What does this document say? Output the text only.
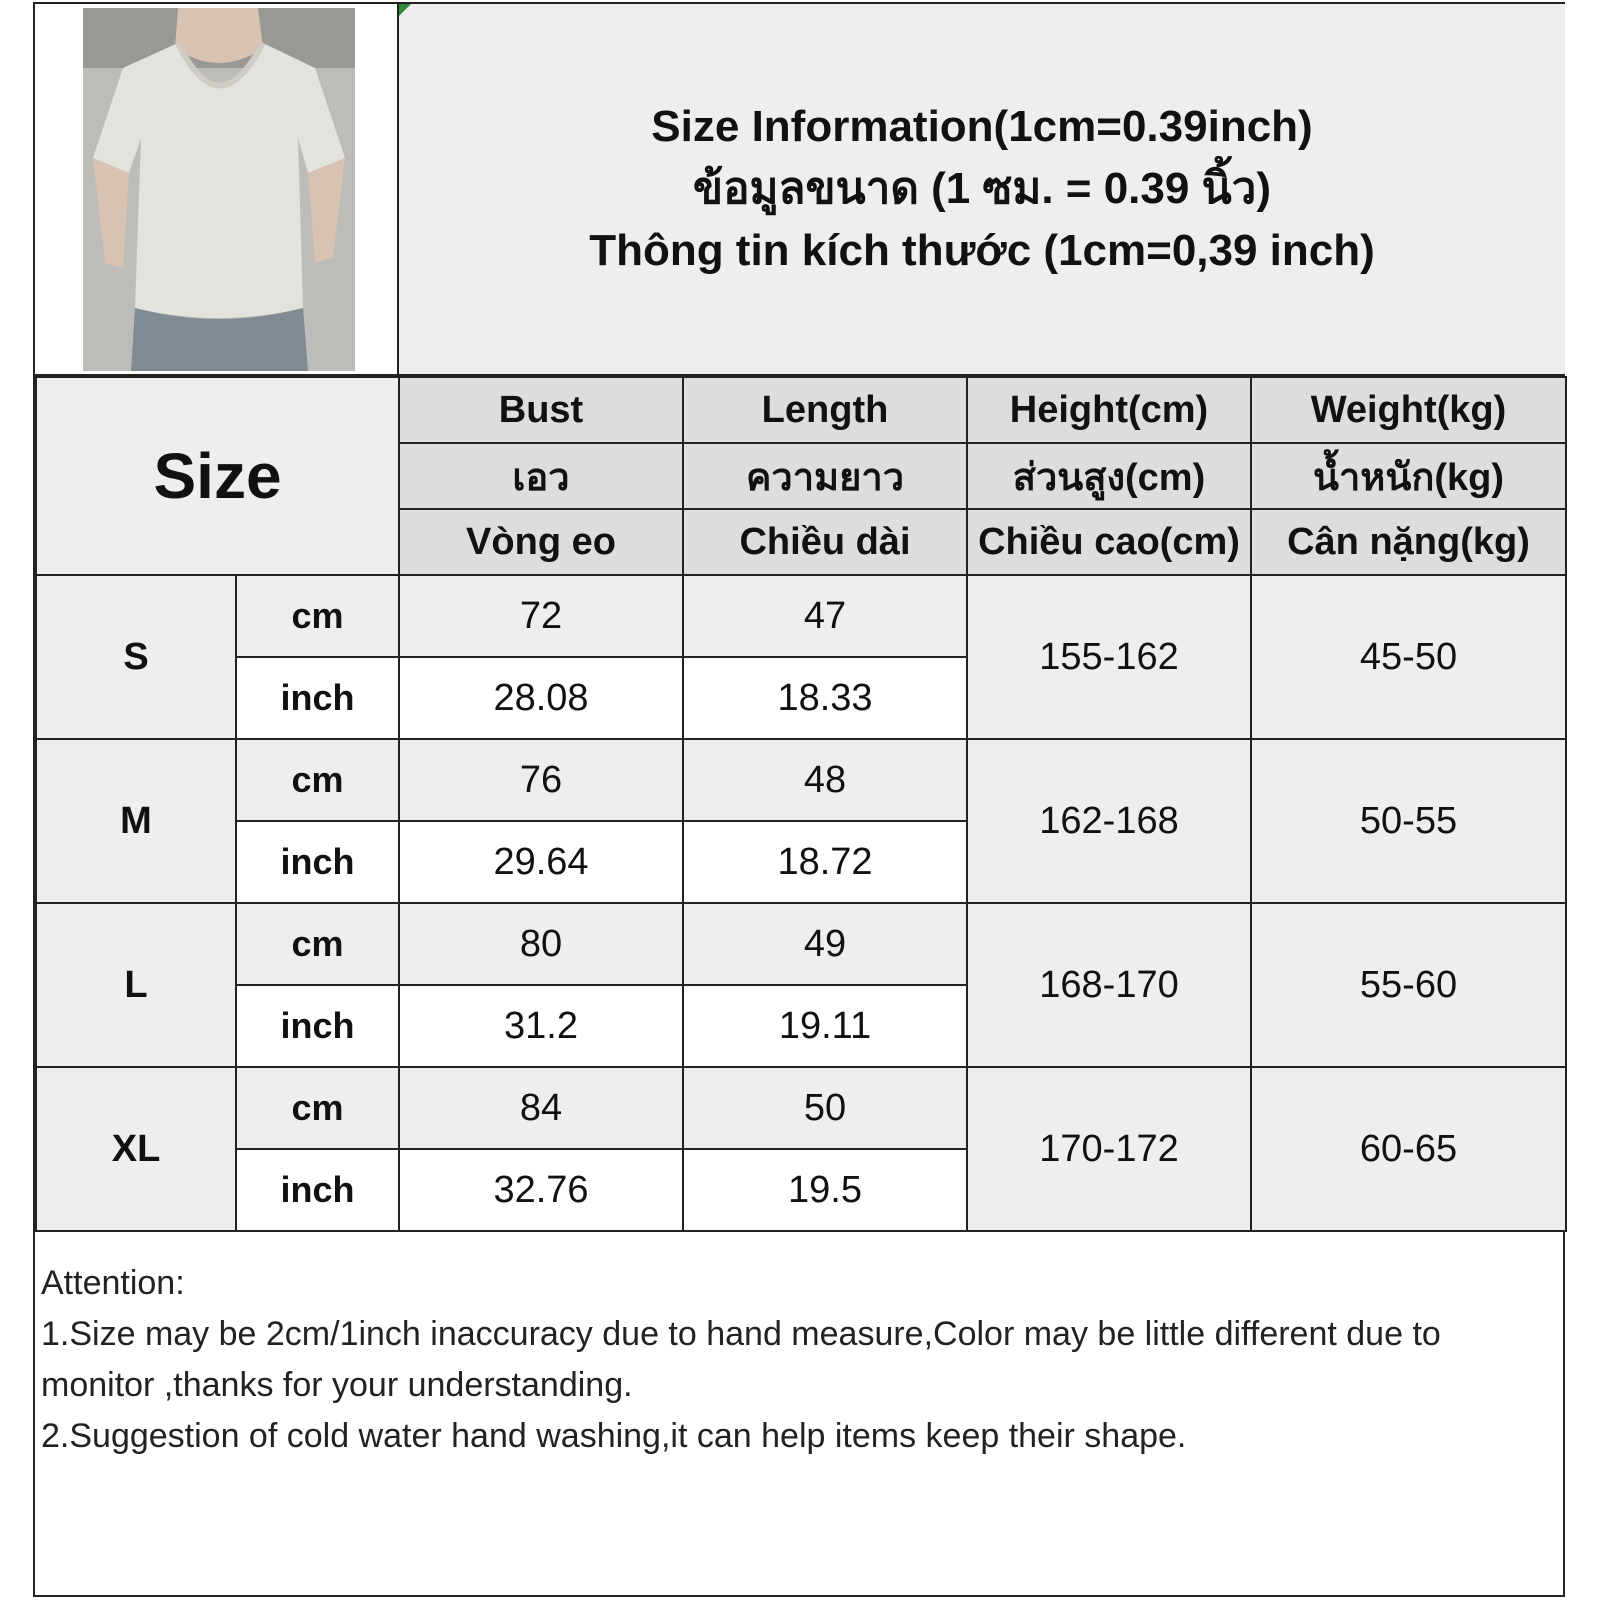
Size Information(1cm=0.39inch)
ข้อมูลขนาด (1 ซม. = 0.39 นิ้ว)
Thông tin kích thước (1cm=0,39 inch)
Size		Bust	Length	Height(cm)	Weight(kg)
		เอว	ความยาว	ส่วนสูง(cm)	น้ำหนัก(kg)
		Vòng eo	Chiều dài	Chiều cao(cm)	Cân nặng(kg)
S	cm	72	47	155-162	45-50
	inch	28.08	18.33		
M	cm	76	48	162-168	50-55
	inch	29.64	18.72		
L	cm	80	49	168-170	55-60
	inch	31.2	19.11		
XL	cm	84	50	170-172	60-65
	inch	32.76	19.5		

Attention:

1.Size may be 2cm/1inch inaccuracy due to hand measure,Color may be little different due to monitor ,thanks for your understanding.

2.Suggestion of cold water hand washing,it can help items keep their shape.
